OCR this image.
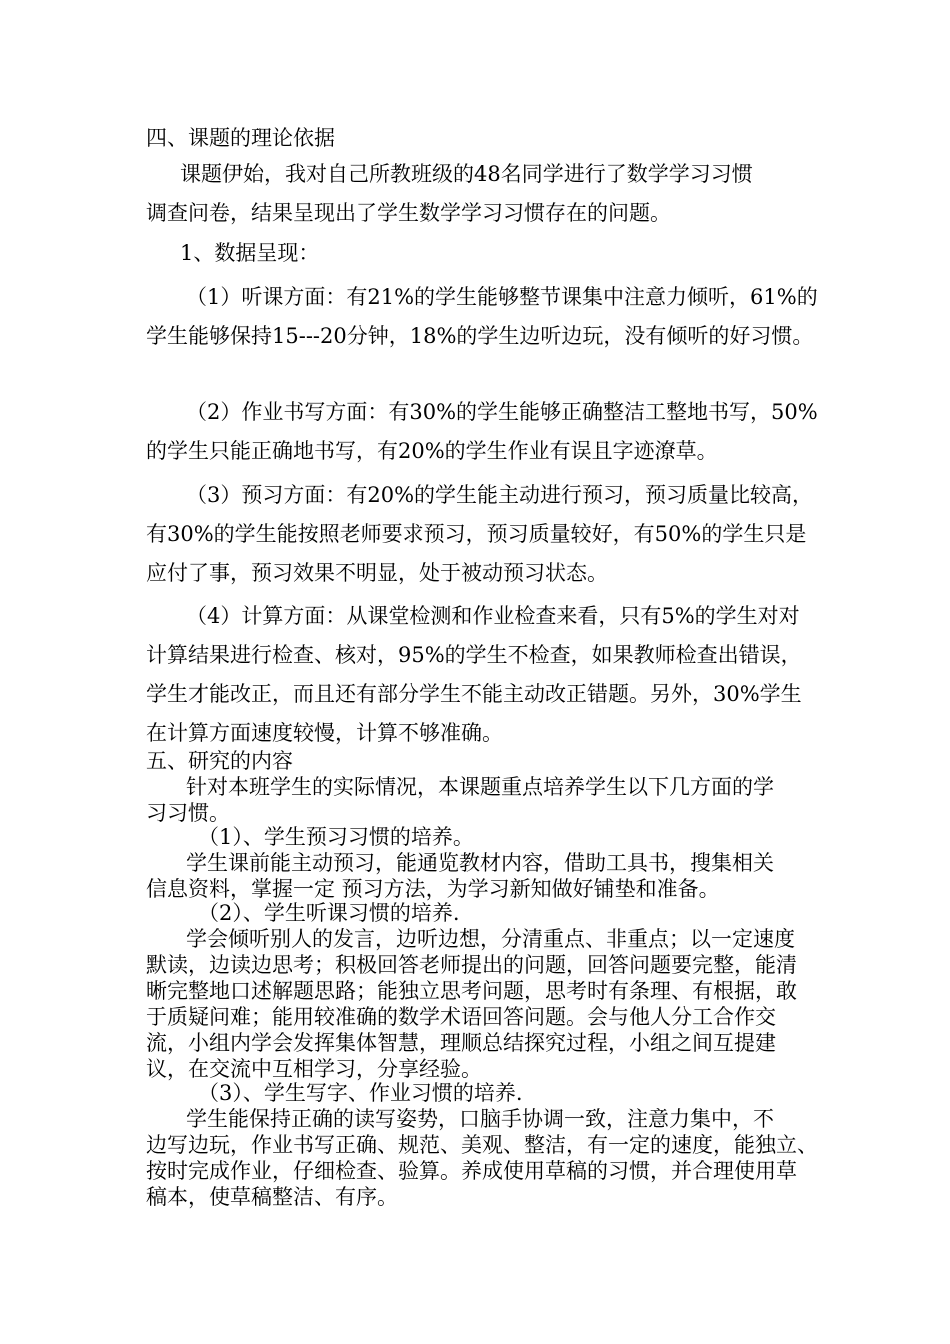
四、课题的理论依据
课题伊始，我对自己所教班级的48名同学进行了数学学习习惯
调查问卷，结果呈现出了学生数学学习习惯存在的问题。
1、数据呈现：
（1）听课方面：有21%的学生能够整节课集中注意力倾听，61%的
学生能够保持15---20分钟，18%的学生边听边玩，没有倾听的好习惯。
（2）作业书写方面：有30%的学生能够正确整洁工整地书写，50%
的学生只能正确地书写，有20%的学生作业有误且字迹潦草。
（3）预习方面：有20%的学生能主动进行预习，预习质量比较高，
有30%的学生能按照老师要求预习，预习质量较好，有50%的学生只是
应付了事，预习效果不明显，处于被动预习状态。
（4）计算方面：从课堂检测和作业检查来看，只有5%的学生对对
计算结果进行检查、核对，95%的学生不检查，如果教师检查出错误，
学生才能改正，而且还有部分学生不能主动改正错题。另外，30%学生
在计算方面速度较慢，计算不够准确。
五、研究的内容
针对本班学生的实际情况，本课题重点培养学生以下几方面的学
习习惯。
（1）、学生预习习惯的培养。
学生课前能主动预习，能通览教材内容，借助工具书，搜集相关
信息资料，掌握一定 预习方法，为学习新知做好铺垫和准备。
（2）、学生听课习惯的培养.
学会倾听别人的发言，边听边想，分清重点、非重点；以一定速度
默读，边读边思考；积极回答老师提出的问题，回答问题要完整，能清
晰完整地口述解题思路；能独立思考问题，思考时有条理、有根据，敢
于质疑问难；能用较准确的数学术语回答问题。会与他人分工合作交
流，小组内学会发挥集体智慧，理顺总结探究过程，小组之间互提建
议，在交流中互相学习，分享经验。
（3）、学生写字、作业习惯的培养.
学生能保持正确的读写姿势，口脑手协调一致，注意力集中，不
边写边玩，作业书写正确、规范、美观、整洁，有一定的速度，能独立、
按时完成作业，仔细检查、验算。养成使用草稿的习惯，并合理使用草
稿本，使草稿整洁、有序。
